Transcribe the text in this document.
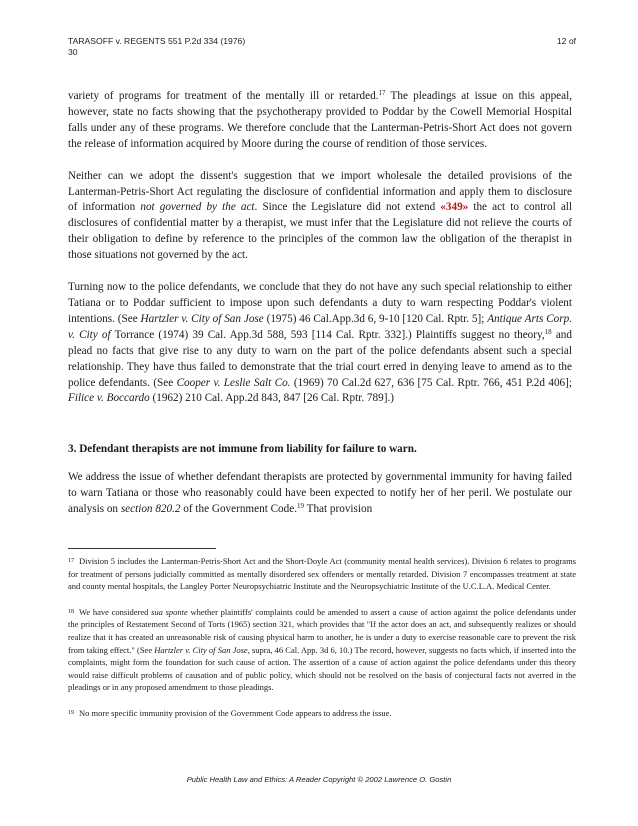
TARASOFF v. REGENTS 551 P.2d 334 (1976)	12 of

30

variety of programs for treatment of the mentally ill or retarded.$^{17}$ The pleadings at issue on this appeal, however, state no facts showing that the psychotherapy provided to Poddar by the Cowell Memorial Hospital falls under any of these programs. We therefore conclude that the Lanterman-Petris-Short Act does not govern the release of information acquired by Moore during the course of rendition of those services.

Neither can we adopt the dissent's suggestion that we import wholesale the detailed provisions of the Lanterman-Petris-Short Act regulating the disclosure of confidential information and apply them to disclosure of information not governed by the act. Since the Legislature did not extend «349» the act to control all disclosures of confidential matter by a therapist, we must infer that the Legislature did not relieve the courts of their obligation to define by reference to the principles of the common law the obligation of the therapist in those situations not governed by the act.

Turning now to the police defendants, we conclude that they do not have any such special relationship to either Tatiana or to Poddar sufficient to impose upon such defendants a duty to warn respecting Poddar's violent intentions. (See Hartzler v. City of San Jose (1975) 46 Cal.App.3d 6, 9-10 [120 Cal. Rptr. 5]; Antique Arts Corp. v. City of Torrance (1974) 39 Cal. App.3d 588, 593 [114 Cal. Rptr. 332].) Plaintiffs suggest no theory,$^{18}$ and plead no facts that give rise to any duty to warn on the part of the police defendants absent such a special relationship. They have thus failed to demonstrate that the trial court erred in denying leave to amend as to the police defendants. (See Cooper v. Leslie Salt Co. (1969) 70 Cal.2d 627, 636 [75 Cal. Rptr. 766, 451 P.2d 406]; Filice v. Boccardo (1962) 210 Cal. App.2d 843, 847 [26 Cal. Rptr. 789].)

3. Defendant therapists are not immune from liability for failure to warn.

We address the issue of whether defendant therapists are protected by governmental immunity for having failed to warn Tatiana or those who reasonably could have been expected to notify her of her peril. We postulate our analysis on section 820.2 of the Government Code.$^{19}$ That provision

$^{17}$ Division 5 includes the Lanterman-Petris-Short Act and the Short-Doyle Act (community mental health services). Division 6 relates to programs for treatment of persons judicially committed as mentally disordered sex offenders or mentally retarded. Division 7 encompasses treatment at state and county mental hospitals, the Langley Porter Neuropsychiatric Institute and the Neuropsychiatric Institute of the U.C.L.A. Medical Center.

$^{18}$ We have considered sua sponte whether plaintiffs' complaints could be amended to assert a cause of action against the police defendants under the principles of Restatement Second of Torts (1965) section 321, which provides that "If the actor does an act, and subsequently realizes or should realize that it has created an unreasonable risk of causing physical harm to another, he is under a duty to exercise reasonable care to prevent the risk from taking effect." (See Hartzler v. City of San Jose, supra, 46 Cal. App. 3d 6, 10.) The record, however, suggests no facts which, if inserted into the complaints, might form the foundation for such cause of action. The assertion of a cause of action against the police defendants under this theory would raise difficult problems of causation and of public policy, which should not be resolved on the basis of conjectural facts not averred in the pleadings or in any proposed amendment to those pleadings.

$^{19}$ No more specific immunity provision of the Government Code appears to address the issue.

Public Health Law and Ethics: A Reader Copyright © 2002 Lawrence O. Gostin
